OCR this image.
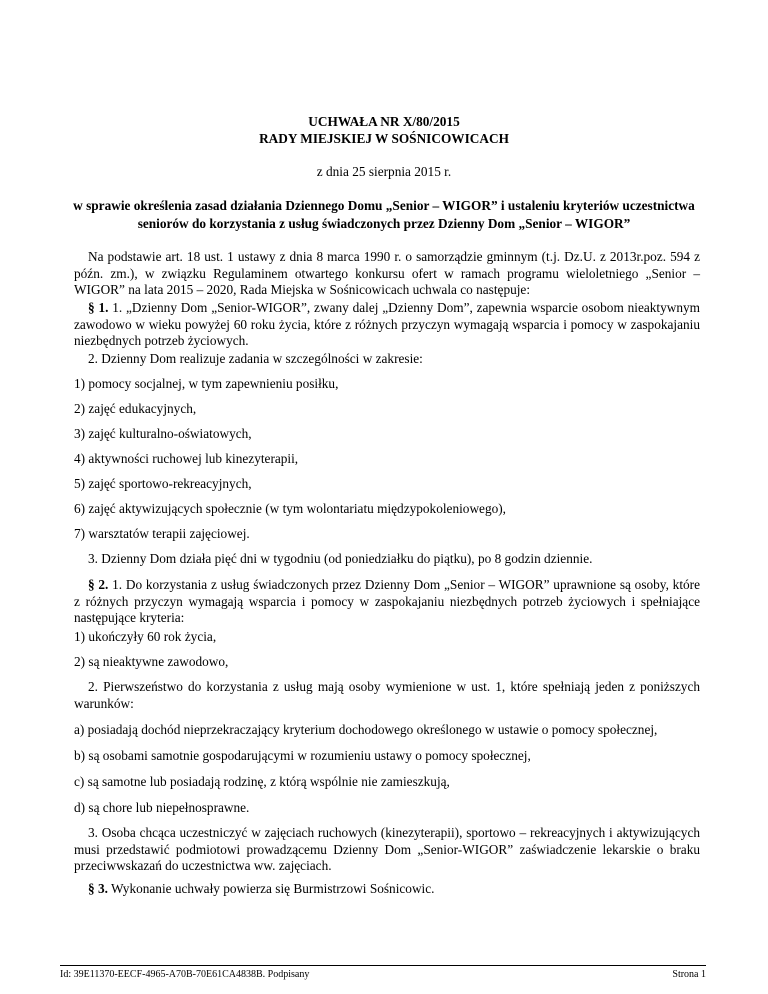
UCHWAŁA NR X/80/2015
RADY MIEJSKIEJ W SOŚNICOWICACH
z dnia 25 sierpnia 2015 r.
w sprawie określenia zasad działania Dziennego Domu „Senior – WIGOR” i ustaleniu kryteriów uczestnictwa seniorów do korzystania z usług świadczonych przez Dzienny Dom „Senior – WIGOR”
Na podstawie art. 18 ust. 1 ustawy z dnia 8 marca 1990 r. o samorządzie gminnym (t.j. Dz.U. z 2013r.poz. 594 z późn. zm.), w związku Regulaminem otwartego konkursu ofert w ramach programu wieloletniego „Senior – WIGOR” na lata 2015 – 2020, Rada Miejska w Sośnicowicach uchwala co następuje:
§ 1. 1. „Dzienny Dom „Senior-WIGOR”, zwany dalej „Dzienny Dom”, zapewnia wsparcie osobom nieaktywnym zawodowo w wieku powyżej 60 roku życia, które z różnych przyczyn wymagają wsparcia i pomocy w zaspokajaniu niezbędnych potrzeb życiowych.
2. Dzienny Dom realizuje zadania w szczególności w zakresie:
1) pomocy socjalnej, w tym zapewnieniu posiłku,
2) zajęć edukacyjnych,
3) zajęć kulturalno-oświatowych,
4) aktywności ruchowej lub kinezyterapii,
5) zajęć sportowo-rekreacyjnych,
6) zajęć aktywizujących społecznie (w tym wolontariatu międzypokoleniowego),
7) warsztatów terapii zajęciowej.
3. Dzienny Dom działa pięć dni w tygodniu (od poniedziałku do piątku), po 8 godzin dziennie.
§ 2. 1. Do korzystania z usług świadczonych przez Dzienny Dom „Senior – WIGOR” uprawnione są osoby, które z różnych przyczyn wymagają wsparcia i pomocy w zaspokajaniu niezbędnych potrzeb życiowych i spełniające następujące kryteria:
1) ukończyły 60 rok życia,
2) są nieaktywne zawodowo,
2. Pierwszeństwo do korzystania z usług mają osoby wymienione w ust. 1, które spełniają jeden z poniższych warunków:
a) posiadają dochód nieprzekraczający kryterium dochodowego określonego w ustawie o pomocy społecznej,
b) są osobami samotnie gospodarującymi w rozumieniu ustawy o pomocy społecznej,
c) są samotne lub posiadają rodzinę, z którą wspólnie nie zamieszkują,
d) są chore lub niepełnosprawne.
3. Osoba chcąca uczestniczyć w zajęciach ruchowych (kinezyterapii), sportowo – rekreacyjnych i aktywizujących musi przedstawić podmiotowi prowadzącemu Dzienny Dom „Senior-WIGOR” zaświadczenie lekarskie o braku przeciwwskazań do uczestnictwa ww. zajęciach.
§ 3. Wykonanie uchwały powierza się Burmistrzowi Sośnicowic.
Id: 39E11370-EECF-4965-A70B-70E61CA4838B. Podpisany	Strona 1
